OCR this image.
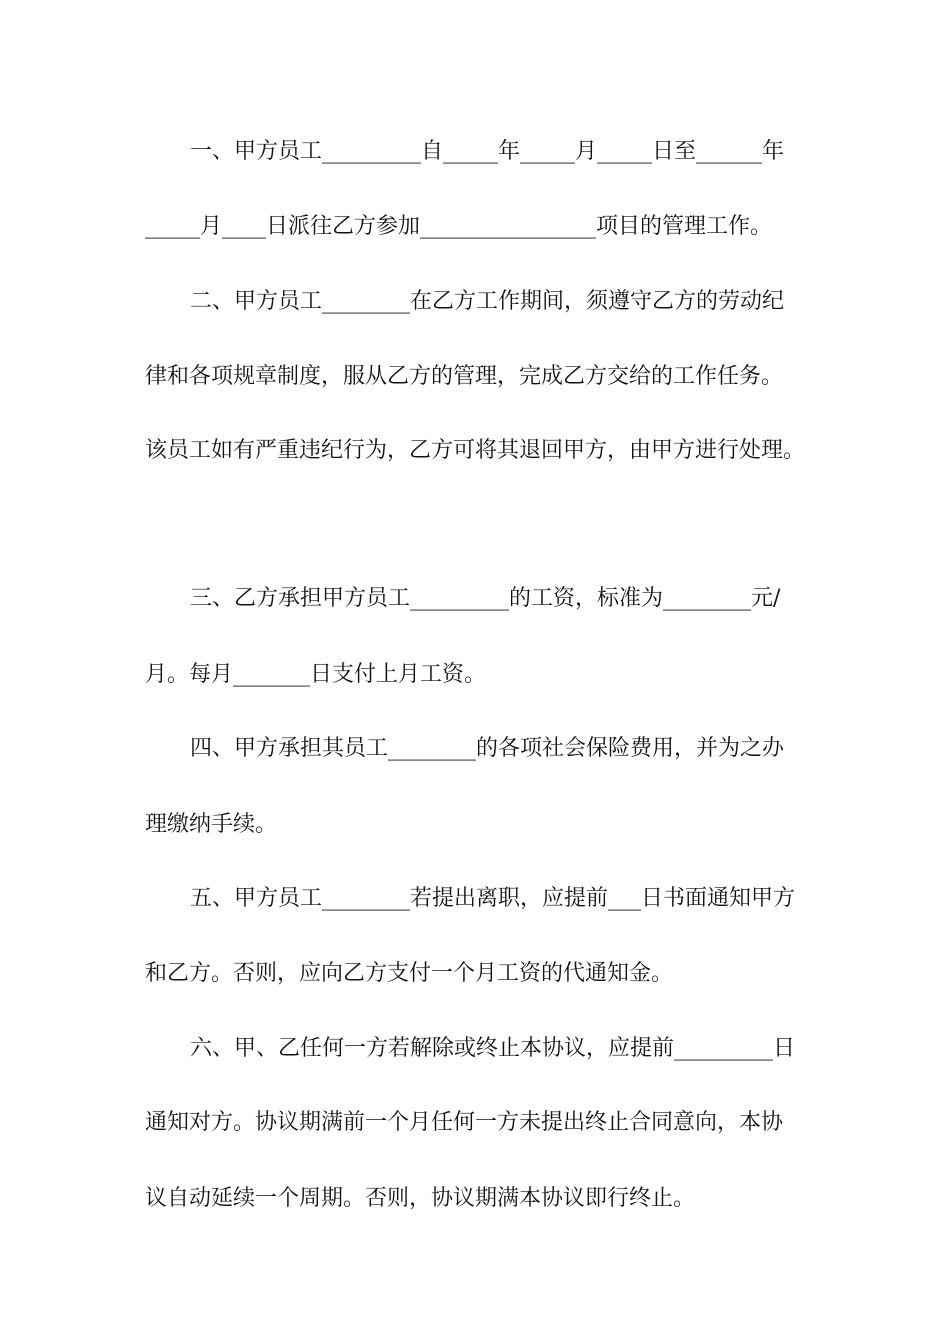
一、甲方员工_________自_____年_____月_____日至______年
_____月____日派往乙方参加________________项目的管理工作。
二、甲方员工________在乙方工作期间，须遵守乙方的劳动纪
律和各项规章制度，服从乙方的管理，完成乙方交给的工作任务。
该员工如有严重违纪行为，乙方可将其退回甲方，由甲方进行处理。
三、乙方承担甲方员工_________的工资，标准为________元/
月。每月_______日支付上月工资。
四、甲方承担其员工________的各项社会保险费用，并为之办
理缴纳手续。
五、甲方员工________若提出离职，应提前___日书面通知甲方
和乙方。否则，应向乙方支付一个月工资的代通知金。
六、甲、乙任何一方若解除或终止本协议，应提前_________日
通知对方。协议期满前一个月任何一方未提出终止合同意向，本协
议自动延续一个周期。否则，协议期满本协议即行终止。
